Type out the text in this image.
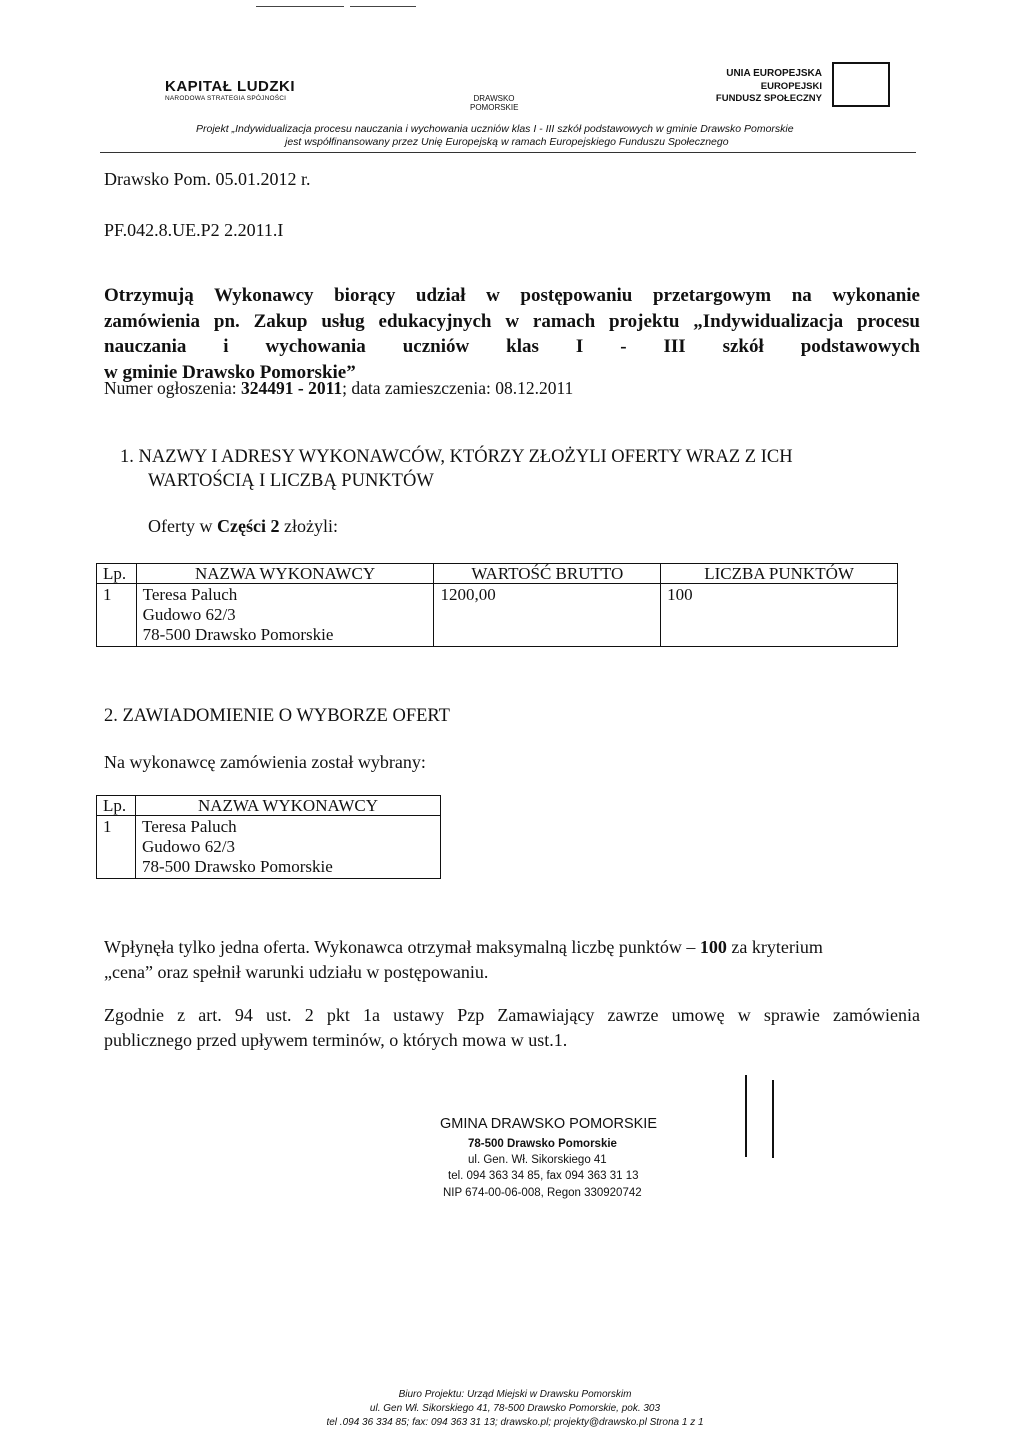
KAPITAŁ LUDZKI
NARODOWA STRATEGIA SPÓJNOŚCI	DRAWSKO
POMORSKIE
UNIA EUROPEJSKA
EUROPEJSKI
FUNDUSZ SPOŁECZNY
Projekt „Indywidualizacja procesu nauczania i wychowania uczniów klas I - III szkół podstawowych w gminie Drawsko Pomorskie
jest współfinansowany przez Unię Europejską w ramach Europejskiego Funduszu Społecznego
Drawsko Pom. 05.01.2012 r.
PF.042.8.UE.P2 2.2011.I
Otrzymują Wykonawcy biorący udział w postępowaniu przetargowym na wykonanie
zamówienia pn. Zakup usług edukacyjnych w ramach projektu „Indywidualizacja procesu
nauczania i wychowania uczniów klas I - III szkół podstawowych
w gminie Drawsko Pomorskie”
Numer ogłoszenia: 324491 - 2011; data zamieszczenia: 08.12.2011
1. NAZWY I ADRESY WYKONAWCÓW, KTÓRZY ZŁOŻYLI OFERTY WRAZ Z ICH
WARTOŚCIĄ I LICZBĄ PUNKTÓW
Oferty w Części 2 złożyli:
Lp.	NAZWA WYKONAWCY	WARTOŚĆ BRUTTO	LICZBA PUNKTÓW
1	Teresa Paluch
Gudowo 62/3
78-500 Drawsko Pomorskie	1200,00	100
2. ZAWIADOMIENIE O WYBORZE OFERT
Na wykonawcę zamówienia został wybrany:
Lp.	NAZWA WYKONAWCY
1	Teresa Paluch
Gudowo 62/3
78-500 Drawsko Pomorskie
Wpłynęła tylko jedna oferta. Wykonawca otrzymał maksymalną liczbę punktów – 100 za kryterium
„cena” oraz spełnił warunki udziału w postępowaniu.
Zgodnie z art. 94 ust. 2 pkt 1a ustawy Pzp Zamawiający zawrze umowę w sprawie zamówienia
publicznego przed upływem terminów, o których mowa w ust.1.
GMINA DRAWSKO POMORSKIE
78-500 Drawsko Pomorskie
ul. Gen. Wł. Sikorskiego 41
tel. 094 363 34 85, fax 094 363 31 13
NIP 674-00-06-008, Regon 330920742
Biuro Projektu: Urząd Miejski w Drawsku Pomorskim
ul. Gen Wł. Sikorskiego 41, 78-500 Drawsko Pomorskie, pok. 303
tel .094 36 334 85; fax: 094 363 31 13; drawsko.pl; projekty@drawsko.pl Strona 1 z 1
